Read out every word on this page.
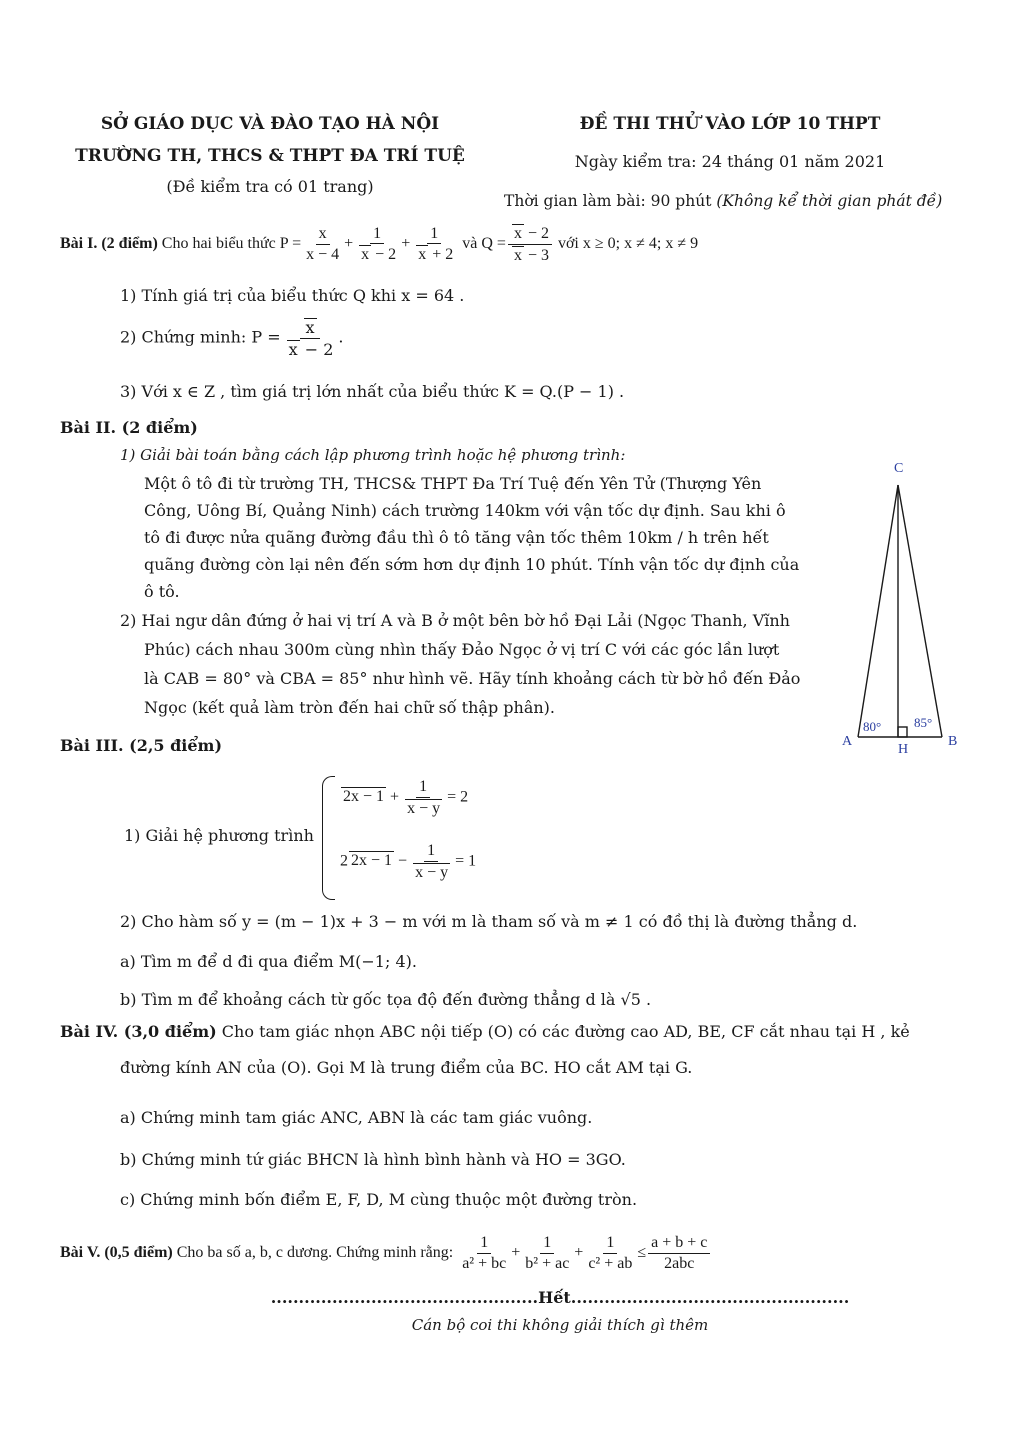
SỞ GIÁO DỤC VÀ ĐÀO TẠO HÀ NỘI
TRƯỜNG TH, THCS & THPT ĐA TRÍ TUỆ
(Đề kiểm tra có 01 trang)
ĐỀ THI THỬ VÀO LỚP 10 THPT
Ngày kiểm tra: 24 tháng 01 năm 2021
Thời gian làm bài: 90 phút (Không kể thời gian phát đề)
Bài I. (2 điểm) Cho hai biểu thức $P = \frac{x}{x - 4} + \frac{1}{x - 2} + \frac{1}{x + 2}$ và $Q = \frac{x - 2}{x - 3}$ với x ≥ 0; x ≠ 4; x ≠ 9
1) Tính giá trị của biểu thức Q khi x = 64 .
2) Chứng minh: $P = \frac{x}{x - 2}$ .
3) Với x ∈ Z , tìm giá trị lớn nhất của biểu thức K = Q.(P − 1) .
Bài II. (2 điểm)
1) Giải bài toán bằng cách lập phương trình hoặc hệ phương trình:
Một ô tô đi từ trường TH, THCS& THPT Đa Trí Tuệ đến Yên Tử (Thượng Yên
Công, Uông Bí, Quảng Ninh) cách trường 140km với vận tốc dự định. Sau khi ô
tô đi được nửa quãng đường đầu thì ô tô tăng vận tốc thêm 10km / h trên hết
quãng đường còn lại nên đến sớm hơn dự định 10 phút. Tính vận tốc dự định của
ô tô.
2) Hai ngư dân đứng ở hai vị trí A và B ở một bên bờ hồ Đại Lải (Ngọc Thanh, Vĩnh
Phúc) cách nhau 300m cùng nhìn thấy Đảo Ngọc ở vị trí C với các góc lần lượt
là CAB = 80° và CBA = 85° như hình vẽ. Hãy tính khoảng cách từ bờ hồ đến Đảo
Ngọc (kết quả làm tròn đến hai chữ số thập phân).
C
A	B
H
80°	85°
Bài III. (2,5 điểm)
1) Giải hệ phương trình
$2x - 1 + \frac{1}{x - y} = 2$
2 $2x - 1 - \frac{1}{x - y} = 1$
2) Cho hàm số y = (m − 1)x + 3 − m với m là tham số và m ≠ 1 có đồ thị là đường thẳng d.
a) Tìm m để d đi qua điểm M(−1; 4).
b) Tìm m để khoảng cách từ gốc tọa độ đến đường thẳng d là √5 .
Bài IV. (3,0 điểm) Cho tam giác nhọn ABC nội tiếp (O) có các đường cao AD, BE, CF cắt nhau tại H , kẻ
đường kính AN của (O). Gọi M là trung điểm của BC. HO cắt AM tại G.
a) Chứng minh tam giác ANC, ABN là các tam giác vuông.
b) Chứng minh tứ giác BHCN là hình bình hành và HO = 3GO.
c) Chứng minh bốn điểm E, F, D, M cùng thuộc một đường tròn.
Bài V. (0,5 điểm) Cho ba số a, b, c dương. Chứng minh rằng: $\frac{1}{\text{a² + bc}} + \frac{1}{\text{b² + ac}} + \frac{1}{\text{c² + ab}} \le \frac{a + b + c}{\text{2abc}}$
................................................Hết..................................................
Cán bộ coi thi không giải thích gì thêm
